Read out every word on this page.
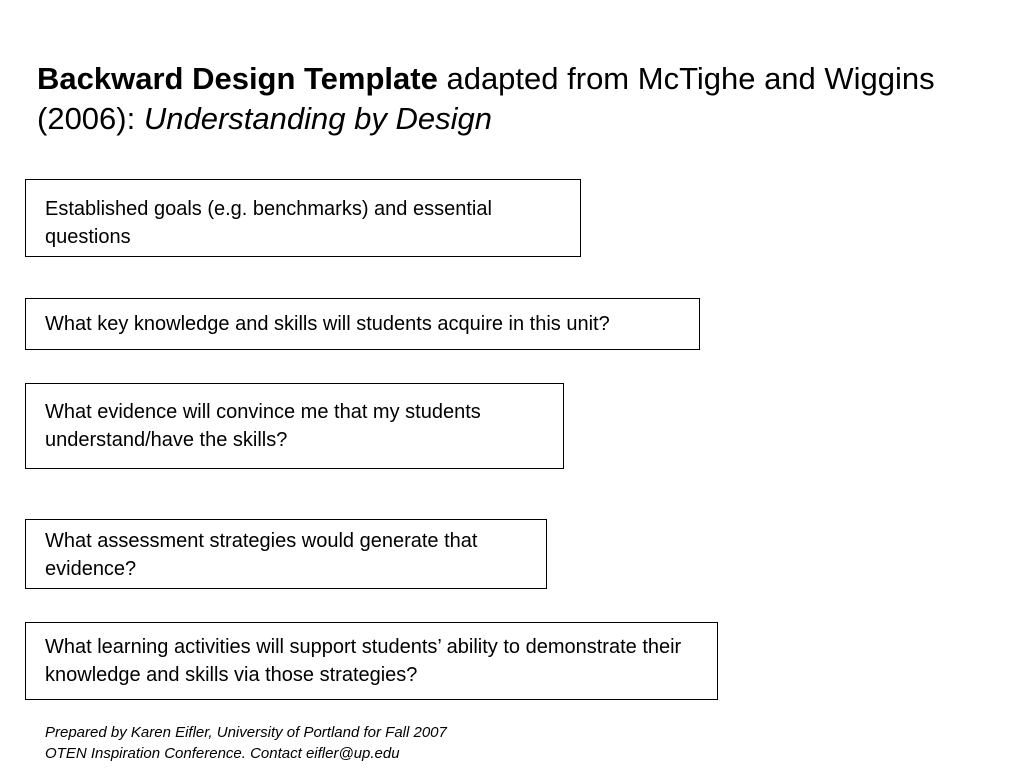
Backward Design Template adapted from McTighe and Wiggins (2006): Understanding by Design
Established goals (e.g. benchmarks) and essential questions
What key knowledge and skills will students acquire in this unit?
What evidence will convince me that my students understand/have the skills?
What assessment strategies would generate that evidence?
What learning activities will support students’ ability to demonstrate their knowledge and skills via those strategies?
Prepared by Karen Eifler, University of Portland for Fall 2007
OTEN Inspiration Conference. Contact eifler@up.edu
